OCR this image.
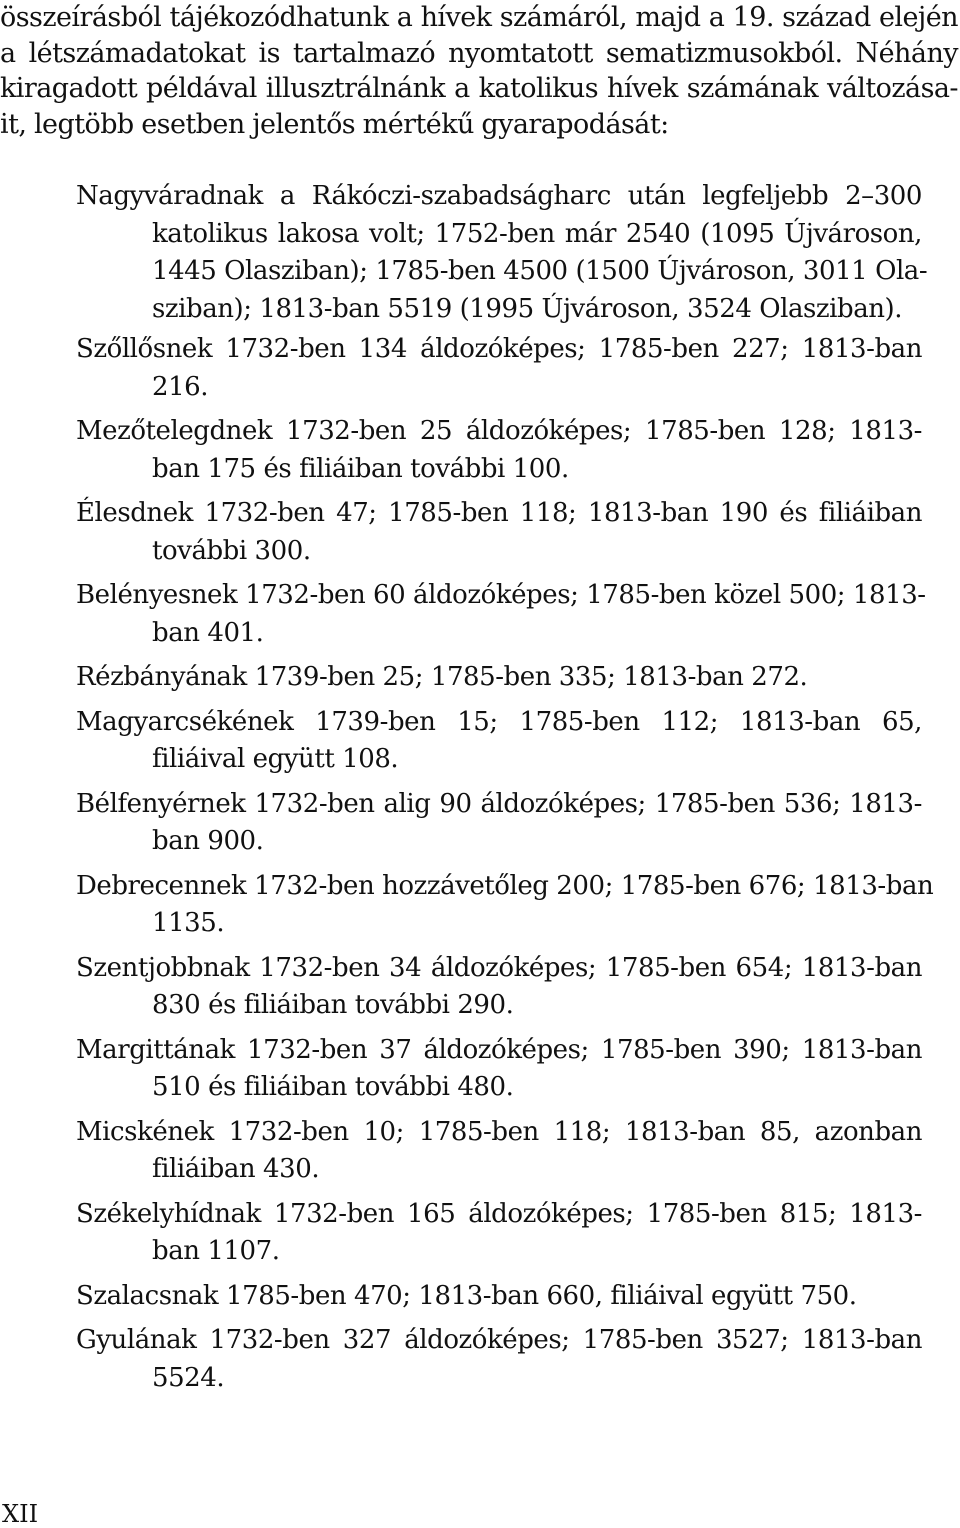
összeírásból tájékozódhatunk a hívek számáról, majd a 19. század elején
a létszámadatokat is tartalmazó nyomtatott sematizmusokból. Néhány
kiragadott példával illusztrálnánk a katolikus hívek számának változása-
it, legtöbb esetben jelentős mértékű gyarapodását:
Nagyváradnak a Rákóczi-szabadságharc után legfeljebb 2–300
katolikus lakosa volt; 1752-ben már 2540 (1095 Újvároson,
1445 Olasziban); 1785-ben 4500 (1500 Újvároson, 3011 Ola-
sziban); 1813-ban 5519 (1995 Újvároson, 3524 Olasziban).
Szőllősnek 1732-ben 134 áldozóképes; 1785-ben 227; 1813-ban
216.
Mezőtelegdnek 1732-ben 25 áldozóképes; 1785-ben 128; 1813-
ban 175 és filiáiban további 100.
Élesdnek 1732-ben 47; 1785-ben 118; 1813-ban 190 és filiáiban
további 300.
Belényesnek 1732-ben 60 áldozóképes; 1785-ben közel 500; 1813-
ban 401.
Rézbányának 1739-ben 25; 1785-ben 335; 1813-ban 272.
Magyarcsékének 1739-ben 15; 1785-ben 112; 1813-ban 65,
filiáival együtt 108.
Bélfenyérnek 1732-ben alig 90 áldozóképes; 1785-ben 536; 1813-
ban 900.
Debrecennek 1732-ben hozzávetőleg 200; 1785-ben 676; 1813-ban
1135.
Szentjobbnak 1732-ben 34 áldozóképes; 1785-ben 654; 1813-ban
830 és filiáiban további 290.
Margittának 1732-ben 37 áldozóképes; 1785-ben 390; 1813-ban
510 és filiáiban további 480.
Micskének 1732-ben 10; 1785-ben 118; 1813-ban 85, azonban
filiáiban 430.
Székelyhídnak 1732-ben 165 áldozóképes; 1785-ben 815; 1813-
ban 1107.
Szalacsnak 1785-ben 470; 1813-ban 660, filiáival együtt 750.
Gyulának 1732-ben 327 áldozóképes; 1785-ben 3527; 1813-ban
5524.
XII
